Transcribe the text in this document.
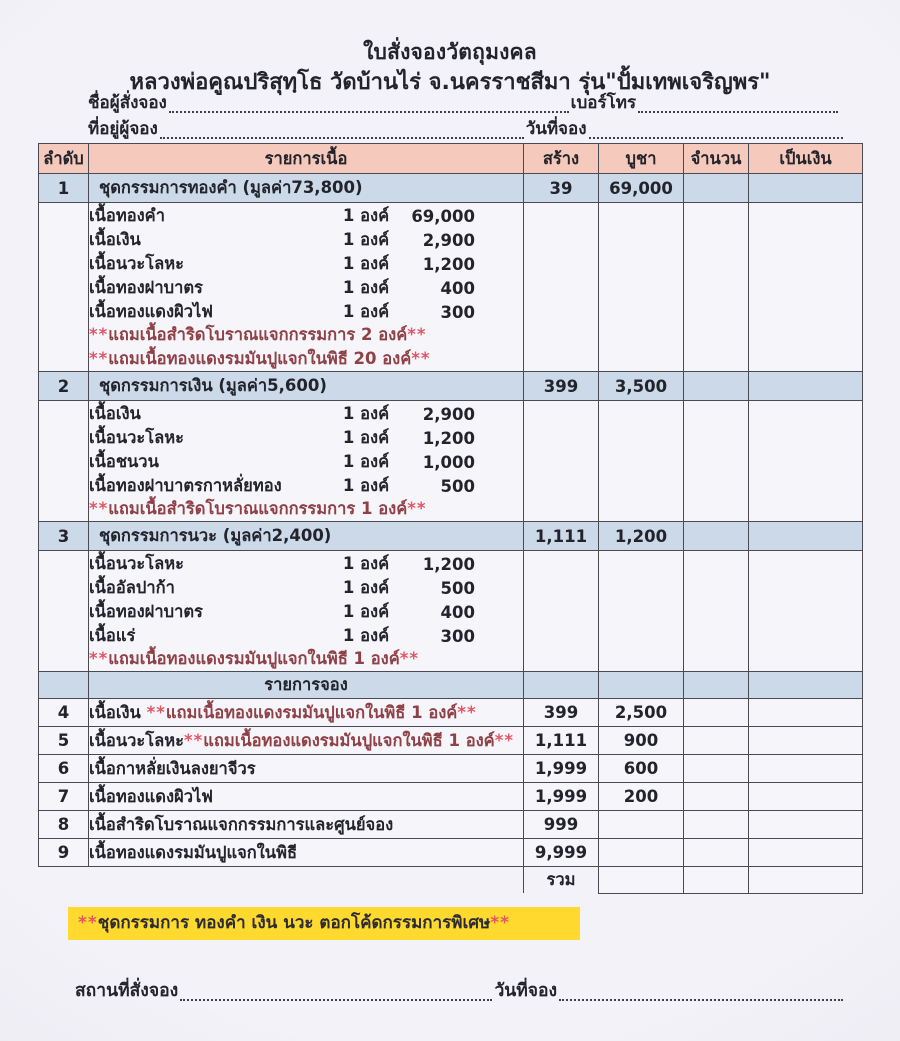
ใบสั่งจองวัตถุมงคล
หลวงพ่อคูณปริสุทฺโธ วัดบ้านไร่ จ.นครราชสีมา รุ่น"ปั้มเทพเจริญพร"
ชื่อผู้สั่งจอง	เบอร์โทร
ที่อยู่ผู้จอง	วันที่จอง
ลำดับ	รายการเนื้อ	สร้าง	บูชา	จำนวน	เป็นเงิน
1	ชุดกรรมการทองคำ (มูลค่า73,800)	39	69,000		

เนื้อทองคำ	1 องค์	69,000
เนื้อเงิน	1 องค์	2,900
เนื้อนวะโลหะ	1 องค์	1,200
เนื้อทองฝาบาตร	1 องค์	400
เนื้อทองแดงผิวไฟ	1 องค์	300
**แถมเนื้อสำริดโบราณแจกกรรมการ 2 องค์**
**แถมเนื้อทองแดงรมมันปูแจกในพิธี 20 องค์**

2	ชุดกรรมการเงิน (มูลค่า5,600)	399	3,500		

เนื้อเงิน	1 องค์	2,900
เนื้อนวะโลหะ	1 องค์	1,200
เนื้อชนวน	1 องค์	1,000
เนื้อทองฝาบาตรกาหลั่ยทอง	1 องค์	500
**แถมเนื้อสำริดโบราณแจกกรรมการ 1 องค์**

3	ชุดกรรมการนวะ (มูลค่า2,400)	1,111	1,200		

เนื้อนวะโลหะ	1 องค์	1,200
เนื้ออัลปาก้า	1 องค์	500
เนื้อทองฝาบาตร	1 องค์	400
เนื้อแร่	1 องค์	300
**แถมเนื้อทองแดงรมมันปูแจกในพิธี 1 องค์**

	รายการจอง				
4	เนื้อเงิน **แถมเนื้อทองแดงรมมันปูแจกในพิธี 1 องค์**	399	2,500		
5	เนื้อนวะโลหะ**แถมเนื้อทองแดงรมมันปูแจกในพิธี 1 องค์**	1,111	900		
6	เนื้อกาหลั่ยเงินลงยาจีวร	1,999	600		
7	เนื้อทองแดงผิวไฟ	1,999	200		
8	เนื้อสำริดโบราณแจกกรรมการและศูนย์จอง	999			
9	เนื้อทองแดงรมมันปูแจกในพิธี	9,999			
		รวม			
**ชุดกรรมการ ทองคำ เงิน นวะ ตอกโค้ดกรรมการพิเศษ**
สถานที่สั่งจอง	วันที่จอง
